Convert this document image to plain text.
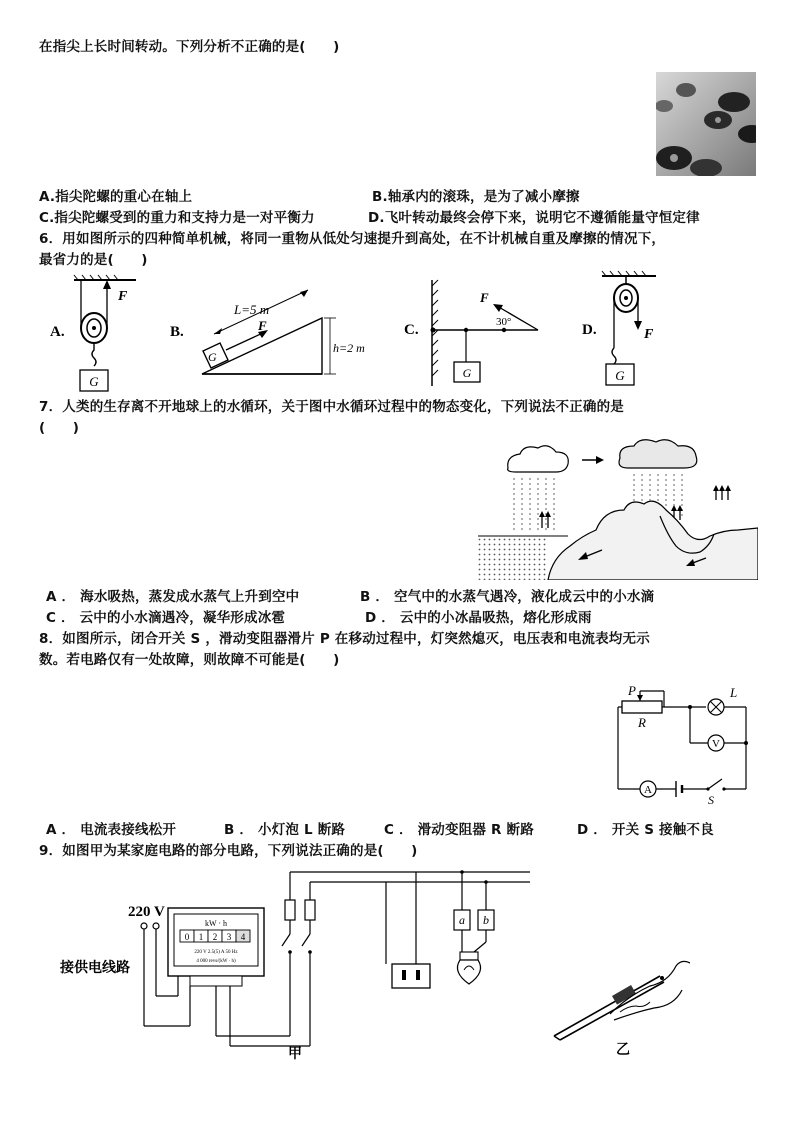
在指尖上长时间转动。下列分析不正确的是(　　)
A.指尖陀螺的重心在轴上	B.轴承内的滚珠，是为了减小摩擦
C.指尖陀螺受到的重力和支持力是一对平衡力	D.飞叶转动最终会停下来，说明它不遵循能量守恒定律
6．用如图所示的四种简单机械，将同一重物从低处匀速提升到高处，在不计机械自重及摩擦的情况下，
最省力的是(　　)
G
F
A.
G
F
L=5 m
h=2 m
B.
F
30°
G
C.	F
G
D.
7．人类的生存离不开地球上的水循环，关于图中水循环过程中的物态变化，下列说法不正确的是
(　　)
A ． 海水吸热，蒸发成水蒸气上升到空中	B ． 空气中的水蒸气遇冷，液化成云中的小水滴
C ． 云中的小水滴遇冷，凝华形成冰雹	D ． 云中的小冰晶吸热，熔化形成雨
8．如图所示，闭合开关 S ，滑动变阻器滑片 P 在移动过程中，灯突然熄灭，电压表和电流表均无示
数。若电路仅有一处故障，则故障不可能是(　　)
P
R
L
V
A
S
A ． 电流表接线松开	B ． 小灯泡 L 断路	C ． 滑动变阻器 R 断路	D ． 开关 S 接触不良
9．如图甲为某家庭电路的部分电路，下列说法正确的是(　　)
220 V
接供电线路
kW · h
0 1 2 3 4
220 V 2.5(5) A 50 Hz
4 000 revs/(kW · h)
a b
甲	乙
